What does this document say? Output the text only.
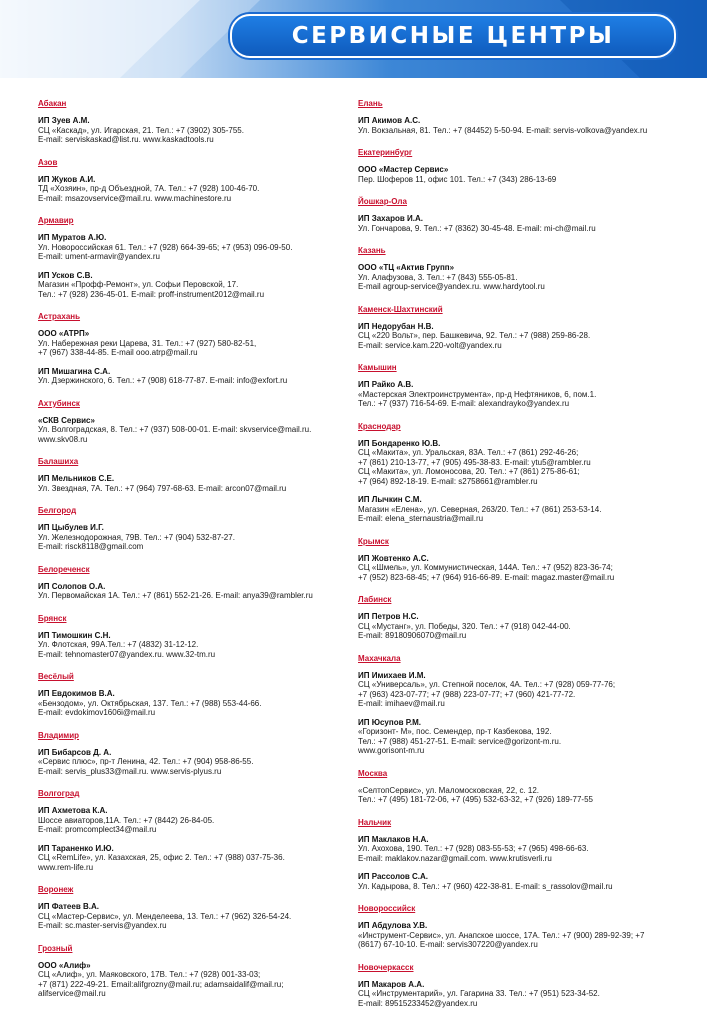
СЕРВИСНЫЕ ЦЕНТРЫ
Абакан
ИП Зуев А.М.
СЦ «Каскад», ул. Игарская, 21. Тел.: +7 (3902) 305-755.
E-mail: serviskaskad@list.ru. www.kaskadtools.ru
Азов
ИП Жуков А.И.
ТД «Хозяин», пр-д Объездной, 7А. Тел.: +7 (928) 100-46-70.
E-mail: msazovservice@mail.ru. www.machinestore.ru
Армавир
ИП Муратов А.Ю.
Ул. Новороссийская 61. Тел.: +7 (928) 664-39-65; +7 (953) 096-09-50.
E-mail: ument-armavir@yandex.ru
ИП Усков С.В.
Магазин «Профф-Ремонт», ул. Софьи Перовской, 17.
Тел.: +7 (928) 236-45-01. E-mail: proff-instrument2012@mail.ru
Астрахань
ООО «АТРП»
Ул. Набережная реки Царева, 31. Тел.: +7 (927) 580-82-51,
+7 (967) 338-44-85. E-mail ooo.atrp@mail.ru
ИП Мишагина С.А.
Ул. Дзержинского, 6. Тел.: +7 (908) 618-77-87. E-mail: info@exfort.ru
Ахтубинск
«СКВ Сервис»
Ул. Волгоградская, 8. Тел.: +7 (937) 508-00-01. E-mail: skvservice@mail.ru.
www.skv08.ru
Балашиха
ИП Мельников С.Е.
Ул. Звездная, 7А. Тел.: +7 (964) 797-68-63. E-mail: arcon07@mail.ru
Белгород
ИП Цыбулев И.Г.
Ул. Железнодорожная, 79В. Тел.: +7 (904) 532-87-27.
E-mail: risck8118@gmail.com
Белореченск
ИП Солопов О.А.
Ул. Первомайская 1А. Тел.: +7 (861) 552-21-26. E-mail: anya39@rambler.ru
Брянск
ИП Тимошкин С.Н.
Ул. Флотская, 99А.Тел.: +7 (4832) 31-12-12.
E-mail: tehnomaster07@yandex.ru. www.32-tm.ru
Весёлый
ИП Евдокимов В.А.
«Бензодом», ул. Октябрьская, 137. Тел.: +7 (988) 553-44-66.
E-mail: evdokimov1606i@mail.ru
Владимир
ИП Бибарсов Д. А.
«Сервис плюс», пр-т Ленина, 42. Тел.: +7 (904) 958-86-55.
E-mail: servis_plus33@mail.ru. www.servis-plyus.ru
Волгоград
ИП Ахметова К.А.
Шоссе авиаторов,11А. Тел.: +7 (8442) 26-84-05.
E-mail: promcomplect34@mail.ru
ИП Тараненко И.Ю.
СЦ «RemLife», ул. Казахская, 25, офис 2. Тел.: +7 (988) 037-75-36.
www.rem-life.ru
Воронеж
ИП Фатеев В.А.
СЦ «Мастер-Сервис», ул. Менделеева, 13. Тел.: +7 (962) 326-54-24.
E-mail: sc.master-servis@yandex.ru
Грозный
ООО «Алиф»
СЦ «Алиф», ул. Маяковского, 17В. Тел.: +7 (928) 001-33-03;
+7 (871) 222-49-21. Email:alifgrozny@mail.ru; adamsaidalif@mail.ru;
alifservice@mail.ru
Елань
ИП Акимов А.С.
Ул. Вокзальная, 81. Тел.: +7 (84452) 5-50-94. E-mail: servis-volkova@yandex.ru
Екатеринбург
ООО «Мастер Сервис»
Пер. Шоферов 11, офис 101. Тел.: +7 (343) 286-13-69
Йошкар-Ола
ИП Захаров И.А.
Ул. Гончарова, 9. Тел.: +7 (8362) 30-45-48. E-mail: mi-ch@mail.ru
Казань
ООО «ТЦ «Актив Групп»
Ул. Алафузова, 3. Тел.: +7 (843) 555-05-81.
E-mail agroup-service@yandex.ru. www.hardytool.ru
Каменск-Шахтинский
ИП Недорубан Н.В.
СЦ «220 Вольт», пер. Башкевича, 92. Тел.: +7 (988) 259-86-28.
E-mail: service.kam.220-volt@yandex.ru
Камышин
ИП Райко А.В.
«Мастерская Электроинструмента», пр-д Нефтяников, 6, пом.1.
Тел.: +7 (937) 716-54-69. E-mail: alexandrayko@yandex.ru
Краснодар
ИП Бондаренко Ю.В.
СЦ «Макита», ул. Уральская, 83А. Тел.: +7 (861) 292-46-26;
+7 (861) 210-13-77, +7 (905) 495-38-83. E-mail: ytu5@rambler.ru
СЦ «Макита», ул. Ломоносова, 20. Тел.: +7 (861) 275-86-61;
+7 (964) 892-18-19. E-mail: s2758661@rambler.ru
ИП Лычкин С.М.
Магазин «Елена», ул. Северная, 263/20. Тел.: +7 (861) 253-53-14.
E-mail: elena_sternaustria@mail.ru
Крымск
ИП Жовтенко А.С.
СЦ «Шмель», ул. Коммунистическая, 144А. Тел.: +7 (952) 823-36-74;
+7 (952) 823-68-45; +7 (964) 916-66-89. E-mail: magaz.master@mail.ru
Лабинск
ИП Петров Н.С.
СЦ «Мустанг», ул. Победы, 320. Тел.: +7 (918) 042-44-00.
E-mail: 89180906070@mail.ru
Махачкала
ИП Имихаев И.М.
СЦ «Универсаль», ул. Степной поселок, 4А. Тел.: +7 (928) 059-77-76;
+7 (963) 423-07-77; +7 (988) 223-07-77; +7 (960) 421-77-72.
E-mail: imihaev@mail.ru
ИП Юсупов Р.М.
«Горизонт- М», пос. Семендер, пр-т Казбекова, 192.
Тел.: +7 (988) 451-27-51. E-mail: service@gorizont-m.ru.
www.gorisont-m.ru
Москва
«СелтопСервис», ул. Маломосковская, 22, с. 12.
Тел.: +7 (495) 181-72-06, +7 (495) 532-63-32, +7 (926) 189-77-55
Нальчик
ИП Маклаков Н.А.
Ул. Ахохова, 190. Тел.: +7 (928) 083-55-53; +7 (965) 498-66-63.
E-mail: maklakov.nazar@gmail.com. www.krutisverli.ru
ИП Рассолов С.А.
Ул. Кадырова, 8. Тел.: +7 (960) 422-38-81. E-mail: s_rassolov@mail.ru
Новороссийск
ИП Абдулова У.В.
«Инструмент-Сервис», ул. Анапское шоссе, 17А. Тел.: +7 (900) 289-92-39; +7
(8617) 67-10-10. E-mail: servis307220@yandex.ru
Новочеркасск
ИП Макаров А.А.
СЦ «Инструментарий», ул. Гагарина 33. Тел.: +7 (951) 523-34-52.
E-mail: 89515233452@yandex.ru
